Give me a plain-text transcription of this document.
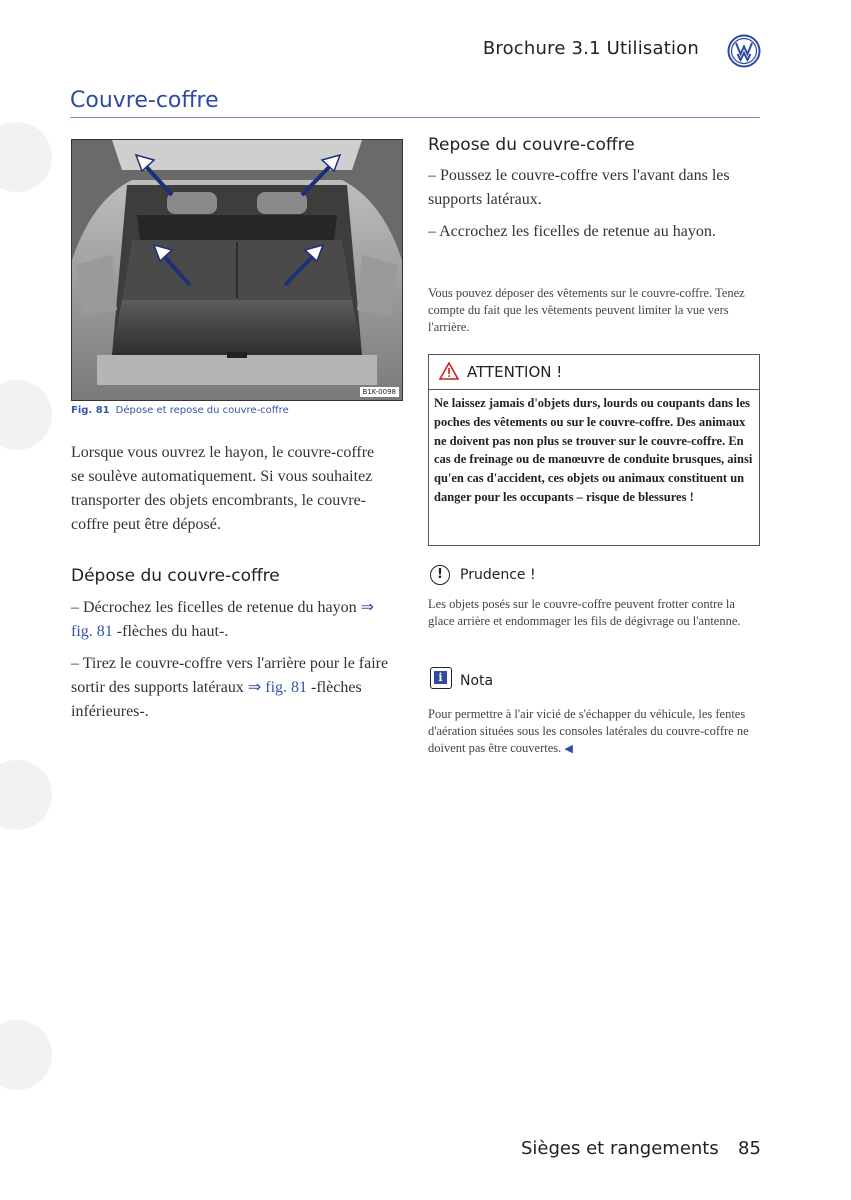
Brochure 3.1 Utilisation
Couvre-coffre
B1K-0098
Fig. 81 Dépose et repose du couvre-coffre
Lorsque vous ouvrez le hayon, le couvre-coffre se soulève automatiquement. Si vous souhaitez transporter des objets encombrants, le couvre-coffre peut être déposé.
Dépose du couvre-coffre
– Décrochez les ficelles de retenue du hayon ⇒ fig. 81 -flèches du haut-.
– Tirez le couvre-coffre vers l'arrière pour le faire sortir des supports latéraux ⇒ fig. 81 -flèches inférieures-.
Repose du couvre-coffre
– Poussez le couvre-coffre vers l'avant dans les supports latéraux.
– Accrochez les ficelles de retenue au hayon.
Vous pouvez déposer des vêtements sur le couvre-coffre. Tenez compte du fait que les vêtements peuvent limiter la vue vers l'arrière.
ATTENTION !
Ne laissez jamais d'objets durs, lourds ou coupants dans les poches des vêtements ou sur le couvre-coffre. Des animaux ne doivent pas non plus se trouver sur le couvre-coffre. En cas de freinage ou de manœuvre de conduite brusques, ainsi qu'en cas d'accident, ces objets ou animaux constituent un danger pour les occupants – risque de blessures !
!	Prudence !
Les objets posés sur le couvre-coffre peuvent frotter contre la glace arrière et endommager les fils de dégivrage ou l'antenne.
i	Nota
Pour permettre à l'air vicié de s'échapper du véhicule, les fentes d'aération situées sous les consoles latérales du couvre-coffre ne doivent pas être couvertes. ◀
Sièges et rangements 85
